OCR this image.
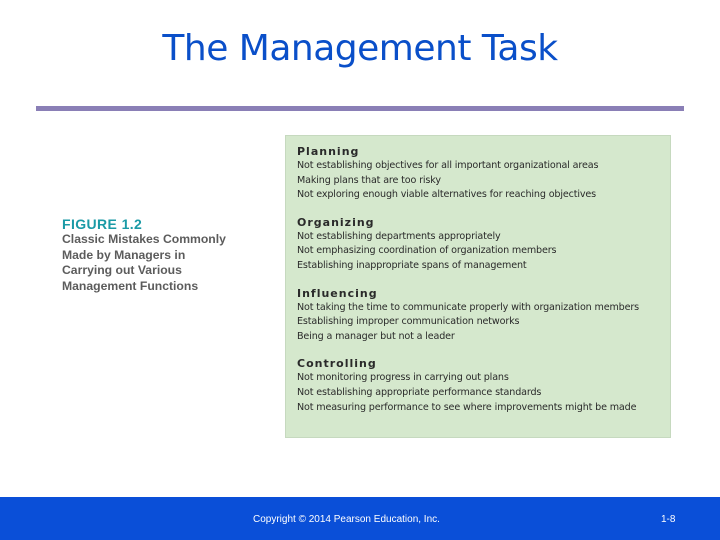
The Management Task
FIGURE 1.2
Classic Mistakes Commonly
Made by Managers in
Carrying out Various
Management Functions
Planning
Not establishing objectives for all important organizational areas
Making plans that are too risky
Not exploring enough viable alternatives for reaching objectives
Organizing
Not establishing departments appropriately
Not emphasizing coordination of organization members
Establishing inappropriate spans of management
Influencing
Not taking the time to communicate properly with organization members
Establishing improper communication networks
Being a manager but not a leader
Controlling
Not monitoring progress in carrying out plans
Not establishing appropriate performance standards
Not measuring performance to see where improvements might be made
Copyright © 2014 Pearson Education, Inc.	1-8
